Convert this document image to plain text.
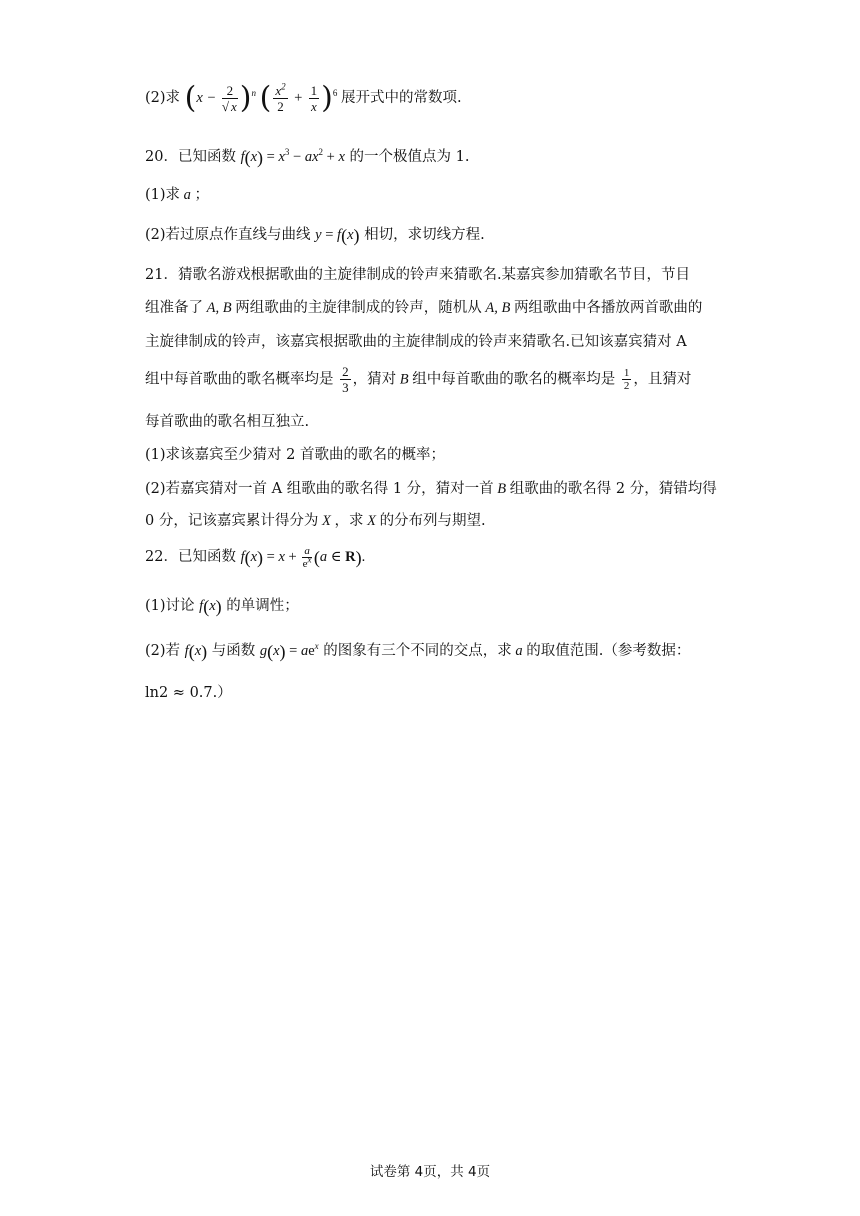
(2)求 $(x - \frac{2}{√ x} )^n$ ( $\frac{x^2}{2} + \frac{1}{x} )^6$ 展开式中的常数项.
20．已知函数 $f(x) = x^3 - ax^2 + x$ 的一个极值点为 1.
(1)求 a ；
(2)若过原点作直线与曲线 y = f(x) 相切，求切线方程.
21．猜歌名游戏根据歌曲的主旋律制成的铃声来猜歌名.某嘉宾参加猜歌名节目，节目
组准备了 A, B 两组歌曲的主旋律制成的铃声，随机从 A, B 两组歌曲中各播放两首歌曲的
主旋律制成的铃声，该嘉宾根据歌曲的主旋律制成的铃声来猜歌名.已知该嘉宾猜对 A
组中每首歌曲的歌名概率均是 $\frac{2}{3}$ ，猜对 B 组中每首歌曲的歌名的概率均是 $\frac{1}{2}$ ，且猜对
每首歌曲的歌名相互独立.
(1)求该嘉宾至少猜对 2 首歌曲的歌名的概率；
(2)若嘉宾猜对一首 A 组歌曲的歌名得 1 分，猜对一首 B 组歌曲的歌名得 2 分，猜错均得
0 分，记该嘉宾累计得分为 X ，求 X 的分布列与期望.
22．已知函数 $f(x) = x + \frac{a}{e^x} (a$ ∈ R).
(1)讨论 f(x) 的单调性；
(2)若 f(x) 与函数 $g(x) = ae^x$ 的图象有三个不同的交点，求 a 的取值范围.（参考数据：
ln2 ≈ 0.7.）
试卷第 4页，共 4页
